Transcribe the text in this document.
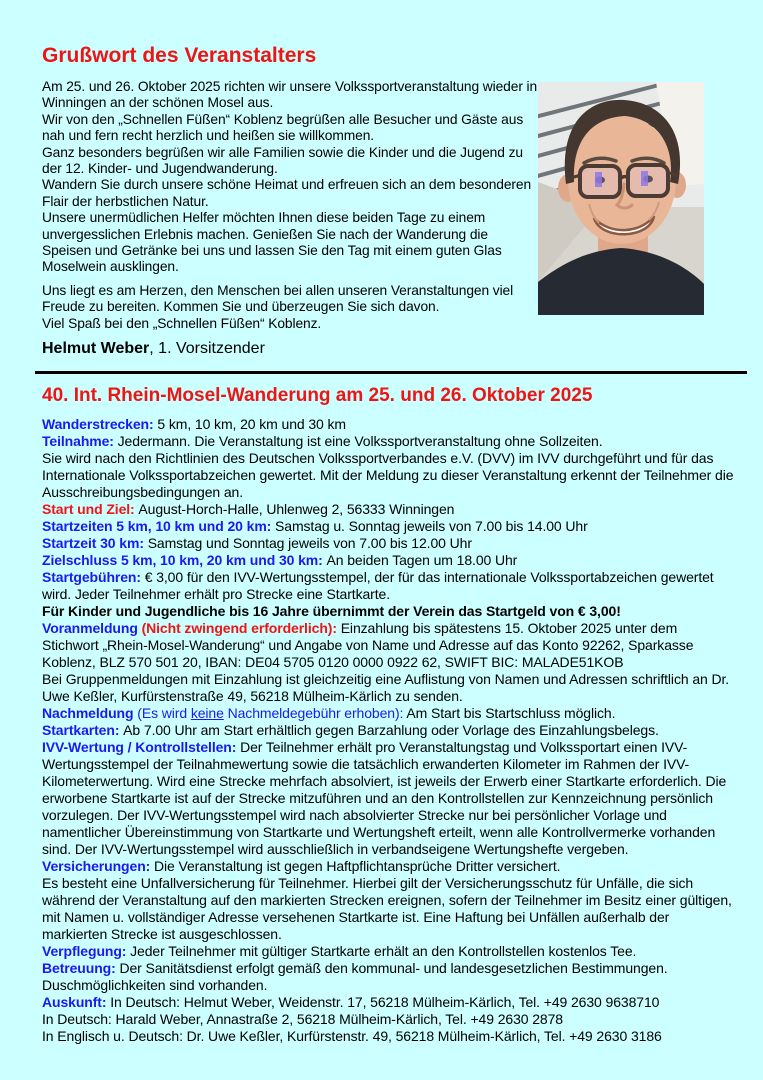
Grußwort des Veranstalters

Am 25. und 26. Oktober 2025 richten wir unsere Volkssportveranstaltung wieder in Winningen an der schönen Mosel aus.
Wir von den „Schnellen Füßen“ Koblenz begrüßen alle Besucher und Gäste aus nah und fern recht herzlich und heißen sie willkommen.
Ganz besonders begrüßen wir alle Familien sowie die Kinder und die Jugend zu der 12. Kinder- und Jugendwanderung.
Wandern Sie durch unsere schöne Heimat und erfreuen sich an dem besonderen Flair der herbstlichen Natur.
Unsere unermüdlichen Helfer möchten Ihnen diese beiden Tage zu einem unvergesslichen Erlebnis machen. Genießen Sie nach der Wanderung die Speisen und Getränke bei uns und lassen Sie den Tag mit einem guten Glas Moselwein ausklingen.

Uns liegt es am Herzen, den Menschen bei allen unseren Veranstaltungen viel Freude zu bereiten. Kommen Sie und überzeugen Sie sich davon.
Viel Spaß bei den „Schnellen Füßen“ Koblenz.

Helmut Weber, 1. Vorsitzender

40. Int. Rhein-Mosel-Wanderung am 25. und 26. Oktober 2025

Wanderstrecken: 5 km, 10 km, 20 km und 30 km

Teilnahme: Jedermann. Die Veranstaltung ist eine Volkssportveranstaltung ohne Sollzeiten.
Sie wird nach den Richtlinien des Deutschen Volkssportverbandes e.V. (DVV) im IVV durchgeführt und für das Internationale Volkssportabzeichen gewertet. Mit der Meldung zu dieser Veranstaltung erkennt der Teilnehmer die Ausschreibungsbedingungen an.

Start und Ziel: August-Horch-Halle, Uhlenweg 2, 56333 Winningen

Startzeiten 5 km, 10 km und 20 km: Samstag u. Sonntag jeweils von 7.00 bis 14.00 Uhr

Startzeit 30 km: Samstag und Sonntag jeweils von 7.00 bis 12.00 Uhr

Zielschluss 5 km, 10 km, 20 km und 30 km: An beiden Tagen um 18.00 Uhr

Startgebühren: € 3,00 für den IVV-Wertungsstempel, der für das internationale Volkssportabzeichen gewertet wird. Jeder Teilnehmer erhält pro Strecke eine Startkarte.

Für Kinder und Jugendliche bis 16 Jahre übernimmt der Verein das Startgeld von € 3,00!

Voranmeldung (Nicht zwingend erforderlich): Einzahlung bis spätestens 15. Oktober 2025 unter dem Stichwort „Rhein-Mosel-Wanderung“ und Angabe von Name und Adresse auf das Konto 92262, Sparkasse Koblenz, BLZ 570 501 20, IBAN: DE04 5705 0120 0000 0922 62, SWIFT BIC: MALADE51KOB
Bei Gruppenmeldungen mit Einzahlung ist gleichzeitig eine Auflistung von Namen und Adressen schriftlich an Dr. Uwe Keßler, Kurfürstenstraße 49, 56218 Mülheim-Kärlich zu senden.

Nachmeldung (Es wird keine Nachmeldegebühr erhoben): Am Start bis Startschluss möglich.

Startkarten: Ab 7.00 Uhr am Start erhältlich gegen Barzahlung oder Vorlage des Einzahlungsbelegs.

IVV-Wertung / Kontrollstellen: Der Teilnehmer erhält pro Veranstaltungstag und Volkssportart einen IVV-Wertungsstempel der Teilnahmewertung sowie die tatsächlich erwanderten Kilometer im Rahmen der IVV-Kilometerwertung. Wird eine Strecke mehrfach absolviert, ist jeweils der Erwerb einer Startkarte erforderlich. Die erworbene Startkarte ist auf der Strecke mitzuführen und an den Kontrollstellen zur Kennzeichnung persönlich vorzulegen. Der IVV-Wertungsstempel wird nach absolvierter Strecke nur bei persönlicher Vorlage und namentlicher Übereinstimmung von Startkarte und Wertungsheft erteilt, wenn alle Kontrollvermerke vorhanden sind. Der IVV-Wertungsstempel wird ausschließlich in verbandseigene Wertungshefte vergeben.

Versicherungen: Die Veranstaltung ist gegen Haftpflichtansprüche Dritter versichert.
Es besteht eine Unfallversicherung für Teilnehmer. Hierbei gilt der Versicherungsschutz für Unfälle, die sich während der Veranstaltung auf den markierten Strecken ereignen, sofern der Teilnehmer im Besitz einer gültigen, mit Namen u. vollständiger Adresse versehenen Startkarte ist. Eine Haftung bei Unfällen außerhalb der markierten Strecke ist ausgeschlossen.

Verpflegung: Jeder Teilnehmer mit gültiger Startkarte erhält an den Kontrollstellen kostenlos Tee.

Betreuung: Der Sanitätsdienst erfolgt gemäß den kommunal- und landesgesetzlichen Bestimmungen.
Duschmöglichkeiten sind vorhanden.

Auskunft: In Deutsch: Helmut Weber, Weidenstr. 17, 56218 Mülheim-Kärlich, Tel. +49 2630 9638710
In Deutsch: Harald Weber, Annastraße 2, 56218 Mülheim-Kärlich, Tel. +49 2630 2878
In Englisch u. Deutsch: Dr. Uwe Keßler, Kurfürstenstr. 49, 56218 Mülheim-Kärlich, Tel. +49 2630 3186
